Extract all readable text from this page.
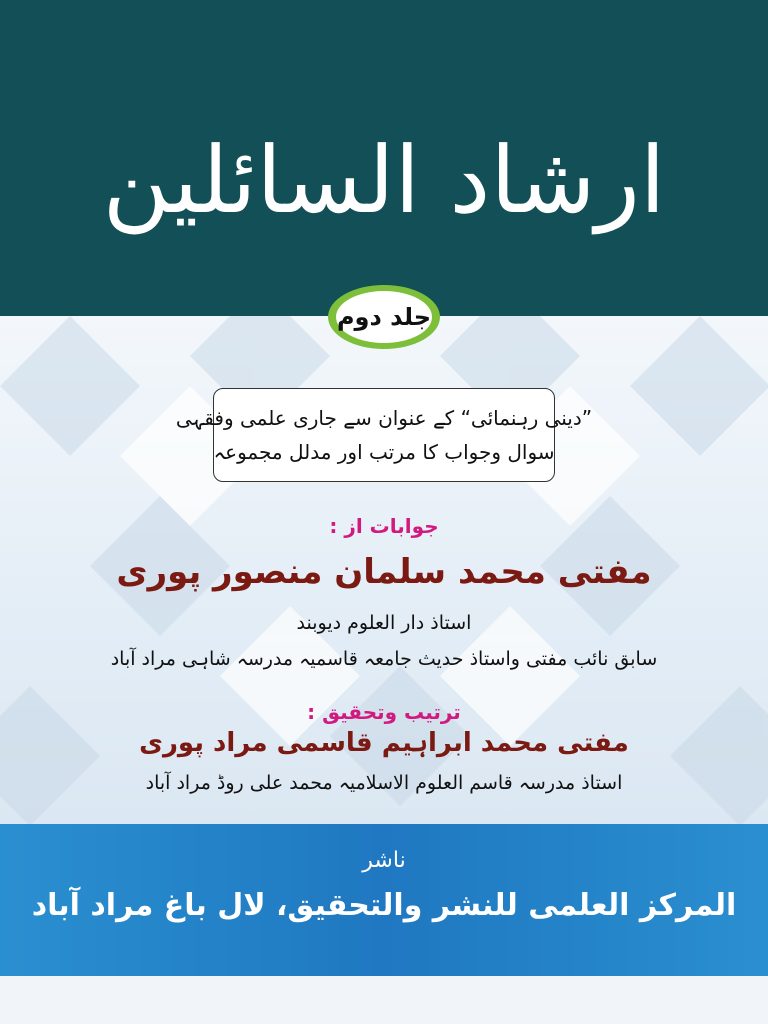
ارشاد السائلین
جلد دوم
”دینی رہنمائی“ کے عنوان سے جاری علمی وفقہی
سوال وجواب کا مرتب اور مدلل مجموعہ
جوابات از :
مفتی محمد سلمان منصور پوری
استاذ دار العلوم دیوبند
سابق نائب مفتی واستاذ حدیث جامعہ قاسمیہ مدرسہ شاہی مراد آباد
ترتیب وتحقیق :
مفتی محمد ابراہیم قاسمی مراد پوری
استاذ مدرسہ قاسم العلوم الاسلامیہ محمد علی روڈ مراد آباد
ناشر
المرکز العلمی للنشر والتحقیق، لال باغ مراد آباد
